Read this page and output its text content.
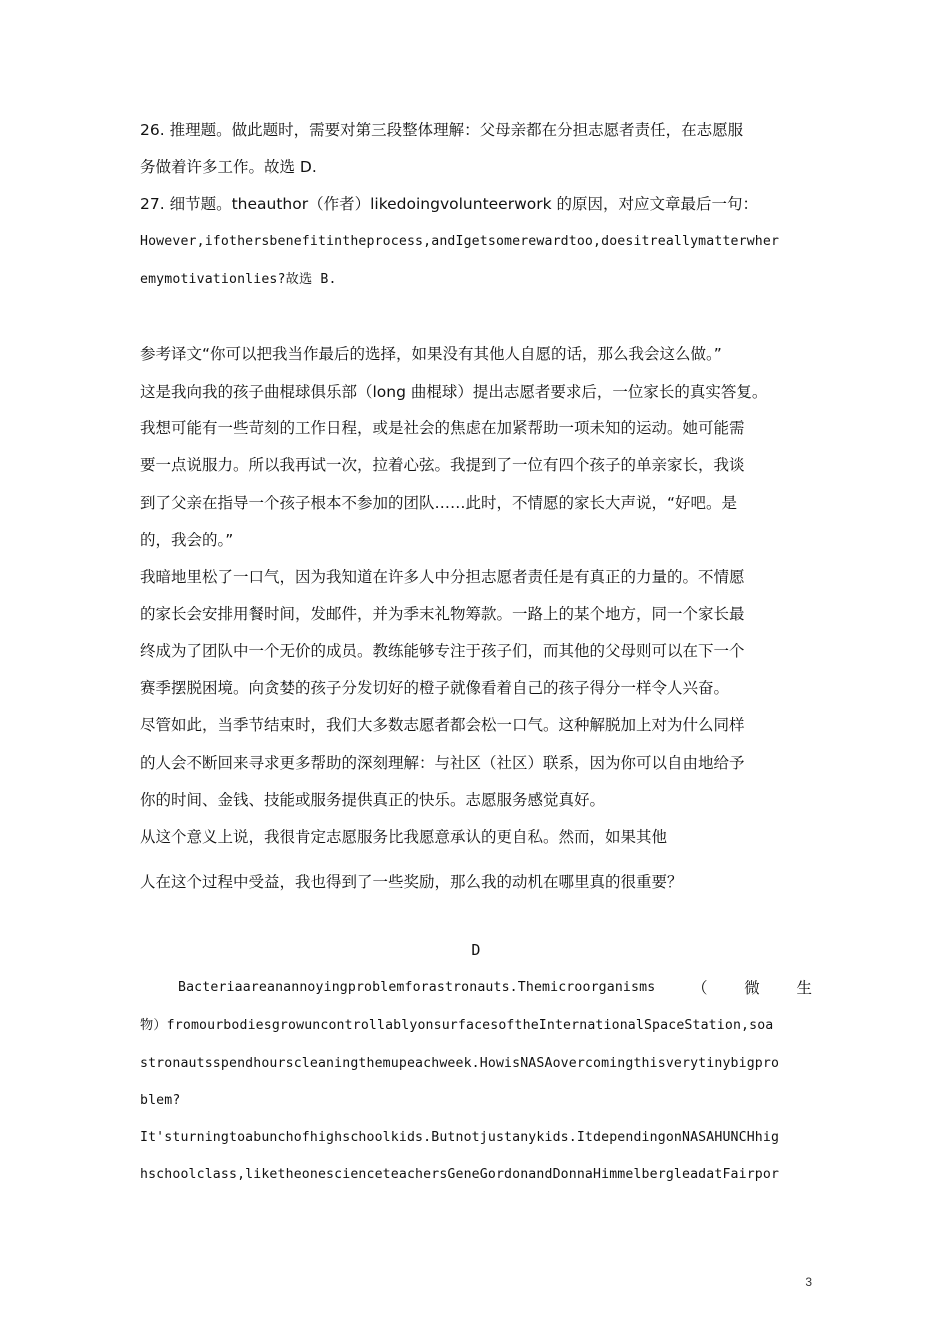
26. 推理题。做此题时，需要对第三段整体理解：父母亲都在分担志愿者责任，在志愿服
务做着许多工作。故选 D.
27. 细节题。theauthor（作者）likedoingvolunteerwork 的原因，对应文章最后一句：
However,ifothersbenefitintheprocess,andIgetsomerewardtoo,doesitreallymatterwher
emymotivationlies?故选 B.
参考译文“你可以把我当作最后的选择，如果没有其他人自愿的话，那么我会这么做。”
这是我向我的孩子曲棍球俱乐部（long 曲棍球）提出志愿者要求后，一位家长的真实答复。
我想可能有一些苛刻的工作日程，或是社会的焦虑在加紧帮助一项未知的运动。她可能需
要一点说服力。所以我再试一次，拉着心弦。我提到了一位有四个孩子的单亲家长，我谈
到了父亲在指导一个孩子根本不参加的团队……此时，不情愿的家长大声说，“好吧。是
的，我会的。”
我暗地里松了一口气，因为我知道在许多人中分担志愿者责任是有真正的力量的。不情愿
的家长会安排用餐时间，发邮件，并为季末礼物筹款。一路上的某个地方，同一个家长最
终成为了团队中一个无价的成员。教练能够专注于孩子们，而其他的父母则可以在下一个
赛季摆脱困境。向贪婪的孩子分发切好的橙子就像看着自己的孩子得分一样令人兴奋。
尽管如此，当季节结束时，我们大多数志愿者都会松一口气。这种解脱加上对为什么同样
的人会不断回来寻求更多帮助的深刻理解：与社区（社区）联系，因为你可以自由地给予
你的时间、金钱、技能或服务提供真正的快乐。志愿服务感觉真好。
从这个意义上说，我很肯定志愿服务比我愿意承认的更自私。然而，如果其他
人在这个过程中受益，我也得到了一些奖励，那么我的动机在哪里真的很重要？
D
Bacteriaareanannoyingproblemforastronauts.Themicroorganisms （ 微 生
物）fromourbodiesgrowuncontrollablyonsurfacesoftheInternationalSpaceStation,soa
stronautsspendhourscleaningthemupeachweek.HowisNASAovercomingthisverytinybigpro
blem?
It'sturningtoabunchofhighschoolkids.Butnotjustanykids.ItdependingonNASAHUNCHhig
hschoolclass,liketheonescienceteachersGeneGordonandDonnaHimmelbergleadatFairpor
3
